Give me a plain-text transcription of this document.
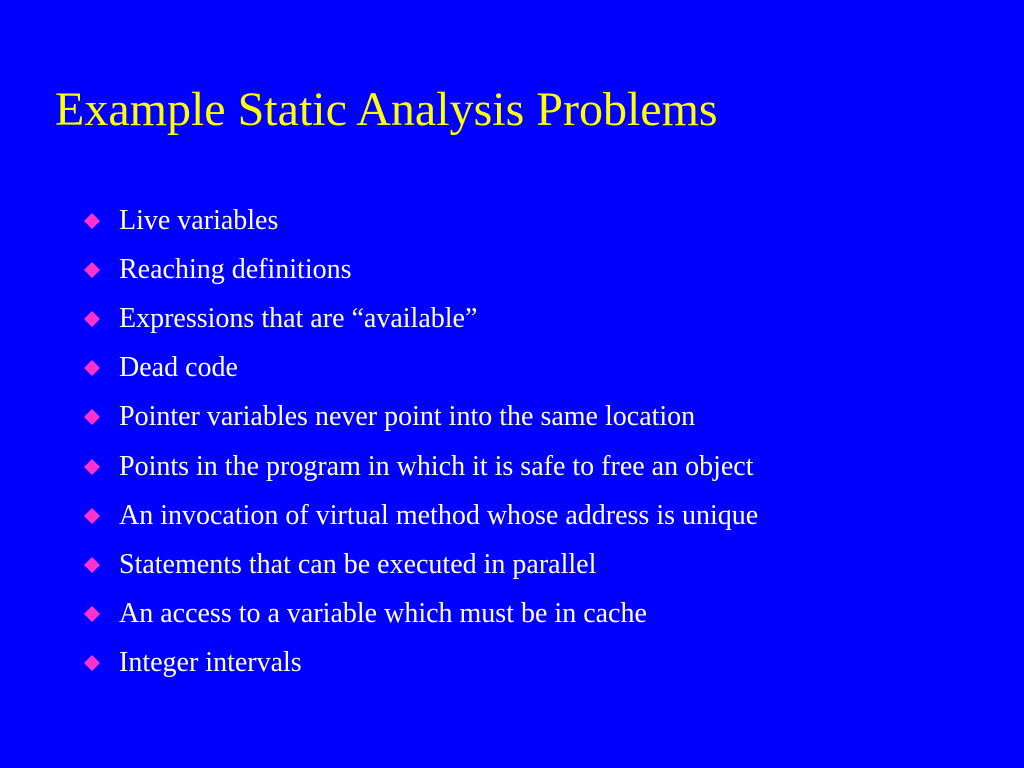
Example Static Analysis Problems
Live variables
Reaching definitions
Expressions that are “available”
Dead code
Pointer variables never point into the same location
Points in the program in which it is safe to free an object
An invocation of virtual method whose address is unique
Statements that can be executed in parallel
An access to a variable which must be in cache
Integer intervals
